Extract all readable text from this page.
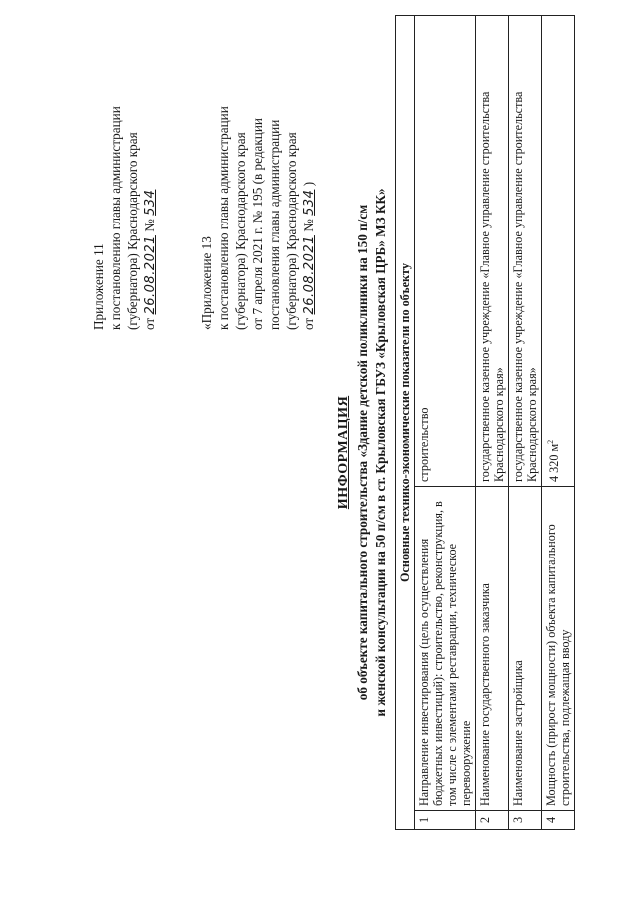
Приложение 11 к постановлению главы администрации (губернатора) Краснодарского края от 26.08.2021 № 534

«Приложение 13 к постановлению главы администрации (губернатора) Краснодарского края от 7 апреля 2021 г. № 195 (в редакции постановления главы администрации (губернатора) Краснодарского края от 26.08.2021 № 534 )

ИНФОРМАЦИЯ об объекте капитального строительства «Здание детской поликлиники на 150 п/см и женской консультации на 50 п/см в ст. Крыловская ГБУЗ «Крыловская ЦРБ» МЗ КК» Основные технико-экономические показатели по объекту		
1	Направление инвестирования (цель осуществления бюджетных инвестиций): строительство, реконструкция, в том числе с элементами реставрации, техническое перевооружение	строительство
2	Наименование государственного заказчика	государственное казенное учреждение «Главное управление строительства Краснодарского края»
3	Наименование застройщика	государственное казенное учреждение «Главное управление строительства Краснодарского края»
4	Мощность (прирост мощности) объекта капитального строительства, подлежащая вводу	4 320 $м^2$
